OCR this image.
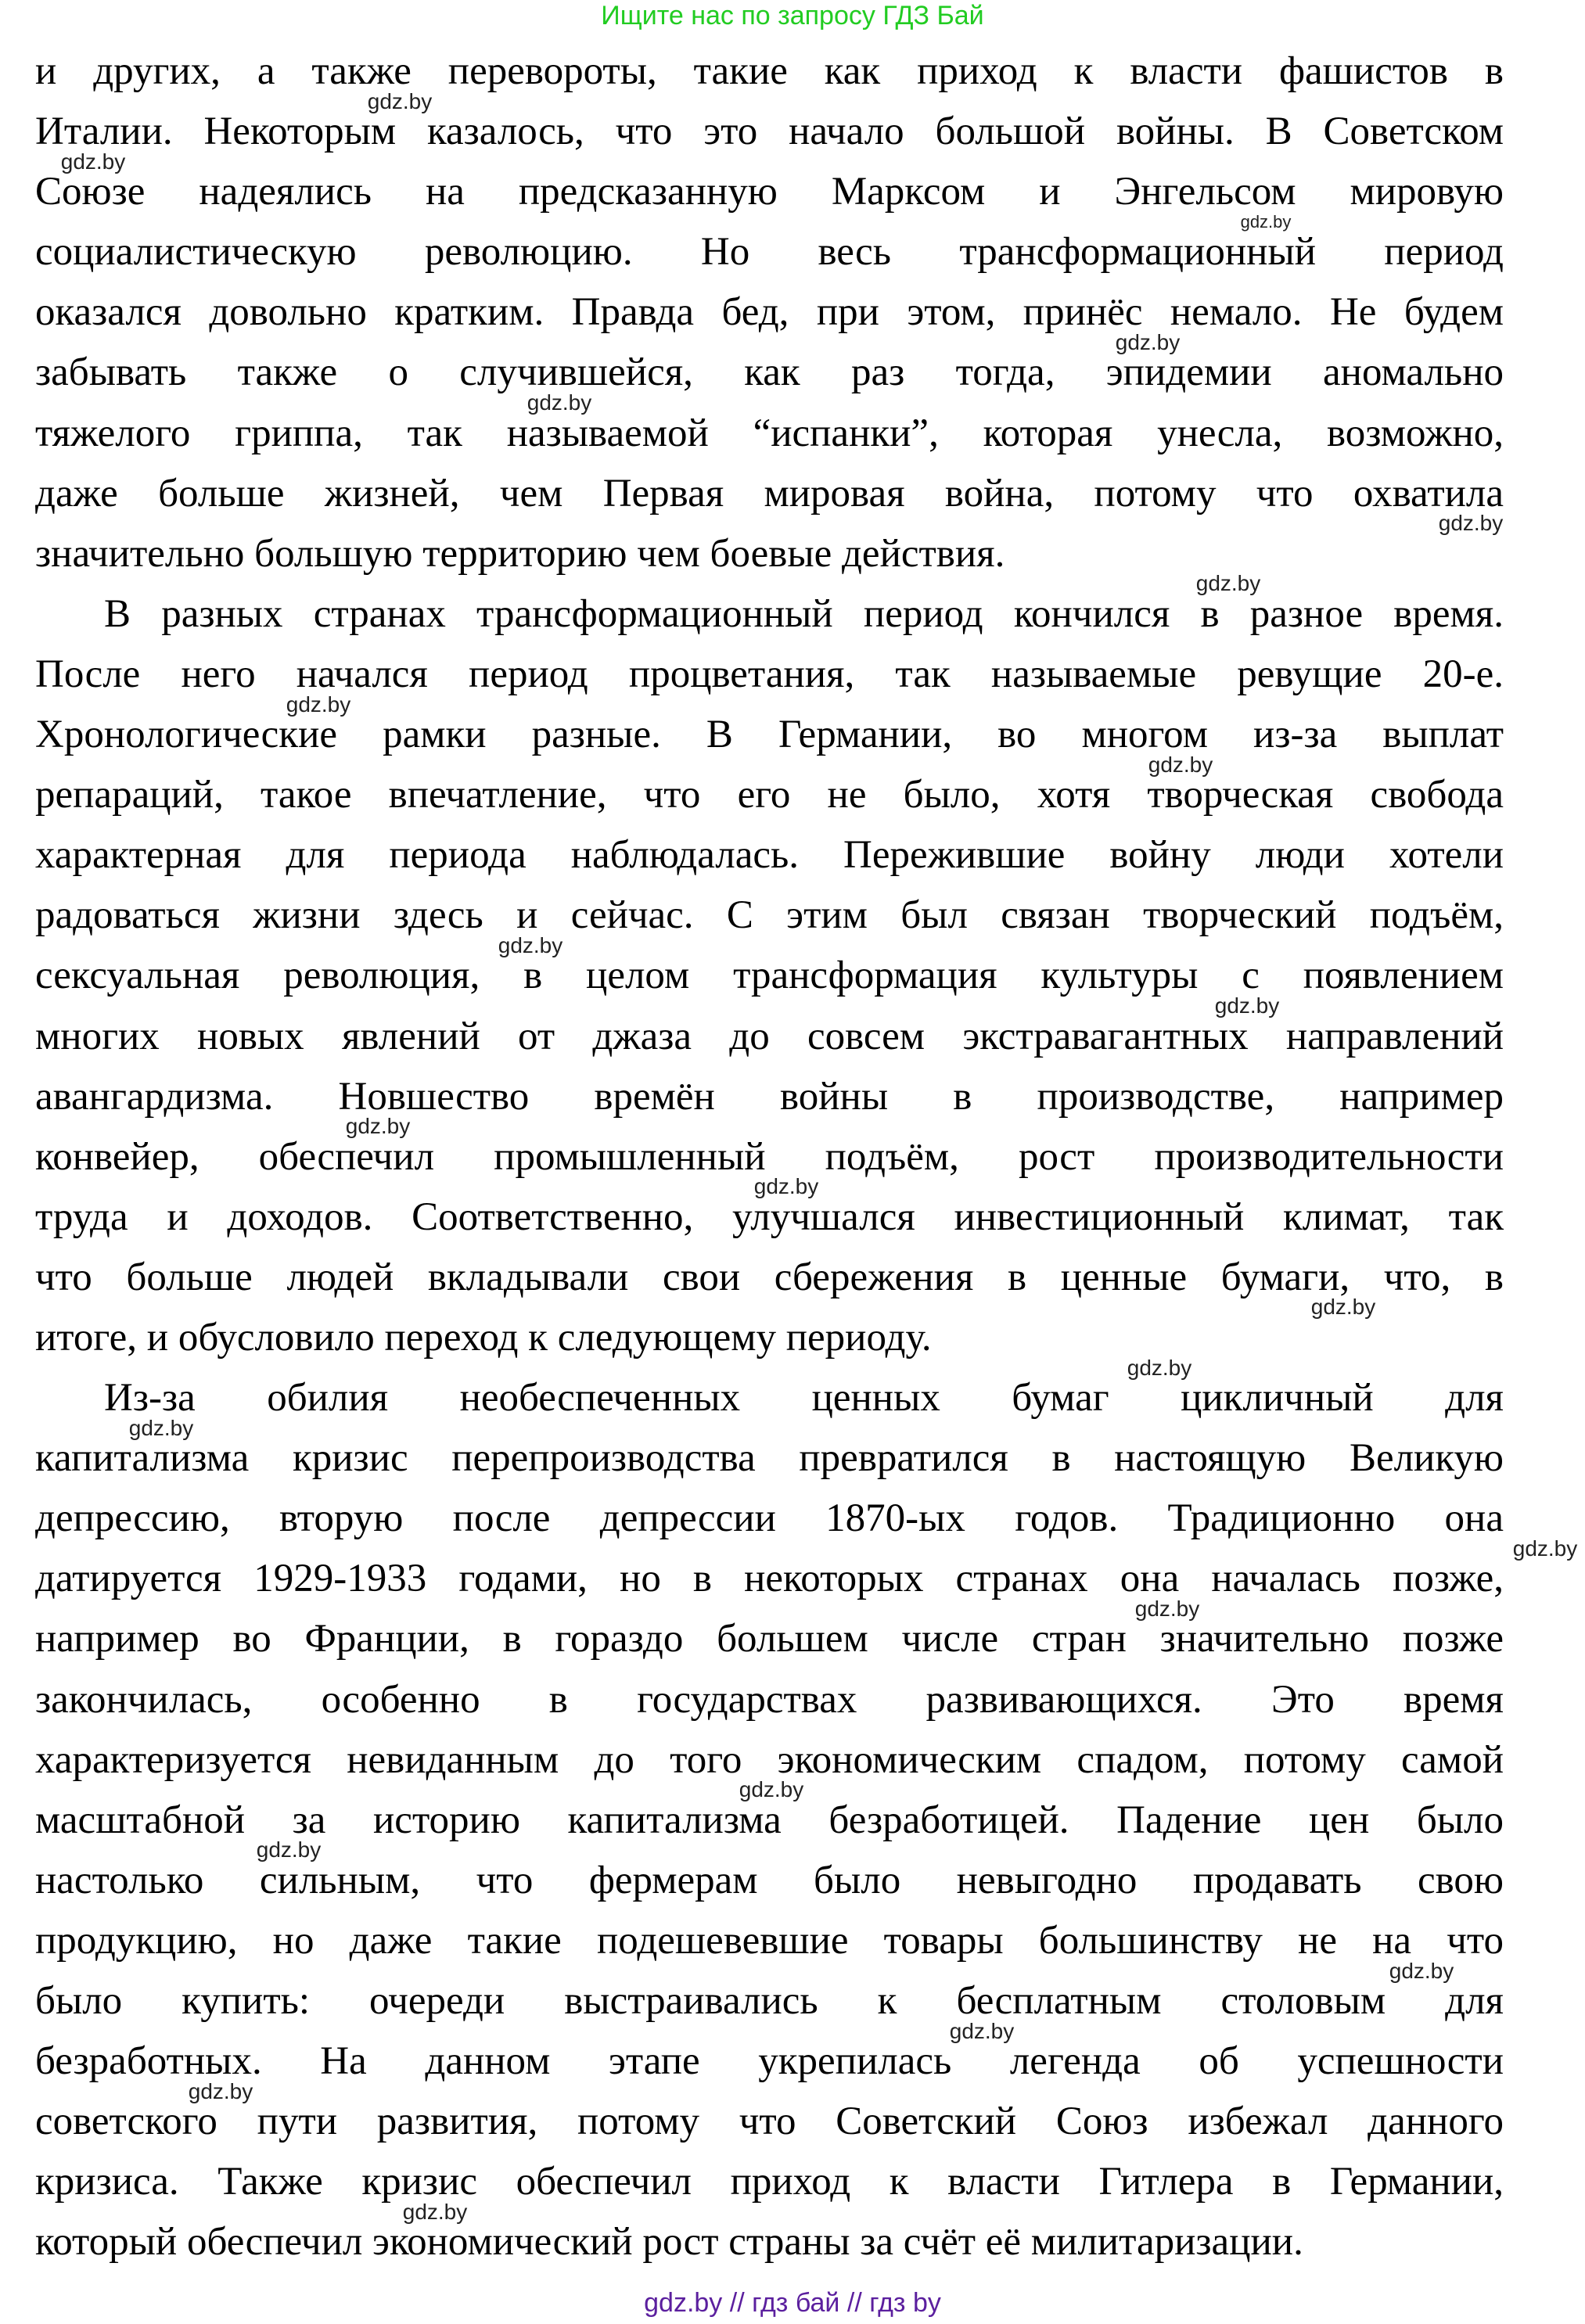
Ищите нас по запросу ГДЗ Бай
и других, а также перевороты, такие как приход к власти фашистов в
Италии. Некоторым казалось, что это начало большой войны. В Советском
Союзе надеялись на предсказанную Марксом и Энгельсом мировую
социалистическую революцию. Но весь трансформационный период
оказался довольно кратким. Правда бед, при этом, принёс немало. Не будем
забывать также о случившейся, как раз тогда, эпидемии аномально
тяжелого гриппа, так называемой “испанки”, которая унесла, возможно,
даже больше жизней, чем Первая мировая война, потому что охватила
значительно большую территорию чем боевые действия.
В разных странах трансформационный период кончился в разное время.
После него начался период процветания, так называемые ревущие 20-е.
Хронологические рамки разные. В Германии, во многом из-за выплат
репараций, такое впечатление, что его не было, хотя творческая свобода
характерная для периода наблюдалась. Пережившие войну люди хотели
радоваться жизни здесь и сейчас. С этим был связан творческий подъём,
сексуальная революция, в целом трансформация культуры с появлением
многих новых явлений от джаза до совсем экстравагантных направлений
авангардизма. Новшество времён войны в производстве, например
конвейер, обеспечил промышленный подъём, рост производительности
труда и доходов. Соответственно, улучшался инвестиционный климат, так
что больше людей вкладывали свои сбережения в ценные бумаги, что, в
итоге, и обусловило переход к следующему периоду.
Из-за обилия необеспеченных ценных бумаг цикличный для
капитализма кризис перепроизводства превратился в настоящую Великую
депрессию, вторую после депрессии 1870-ых годов. Традиционно она
датируется 1929-1933 годами, но в некоторых странах она началась позже,
например во Франции, в гораздо большем числе стран значительно позже
закончилась, особенно в государствах развивающихся. Это время
характеризуется невиданным до того экономическим спадом, потому самой
масштабной за историю капитализма безработицей. Падение цен было
настолько сильным, что фермерам было невыгодно продавать свою
продукцию, но даже такие подешевевшие товары большинству не на что
было купить: очереди выстраивались к бесплатным столовым для
безработных. На данном этапе укрепилась легенда об успешности
советского пути развития, потому что Советский Союз избежал данного
кризиса. Также кризис обеспечил приход к власти Гитлера в Германии,
который обеспечил экономический рост страны за счёт её милитаризации.
gdz.by
gdz.by
gdz.by
gdz.by
gdz.by
gdz.by
gdz.by
gdz.by
gdz.by
gdz.by
gdz.by
gdz.by
gdz.by
gdz.by
gdz.by
gdz.by
gdz.by
gdz.by
gdz.by
gdz.by
gdz.by
gdz.by
gdz.by
gdz.by
gdz.by // гдз бай // гдз by
